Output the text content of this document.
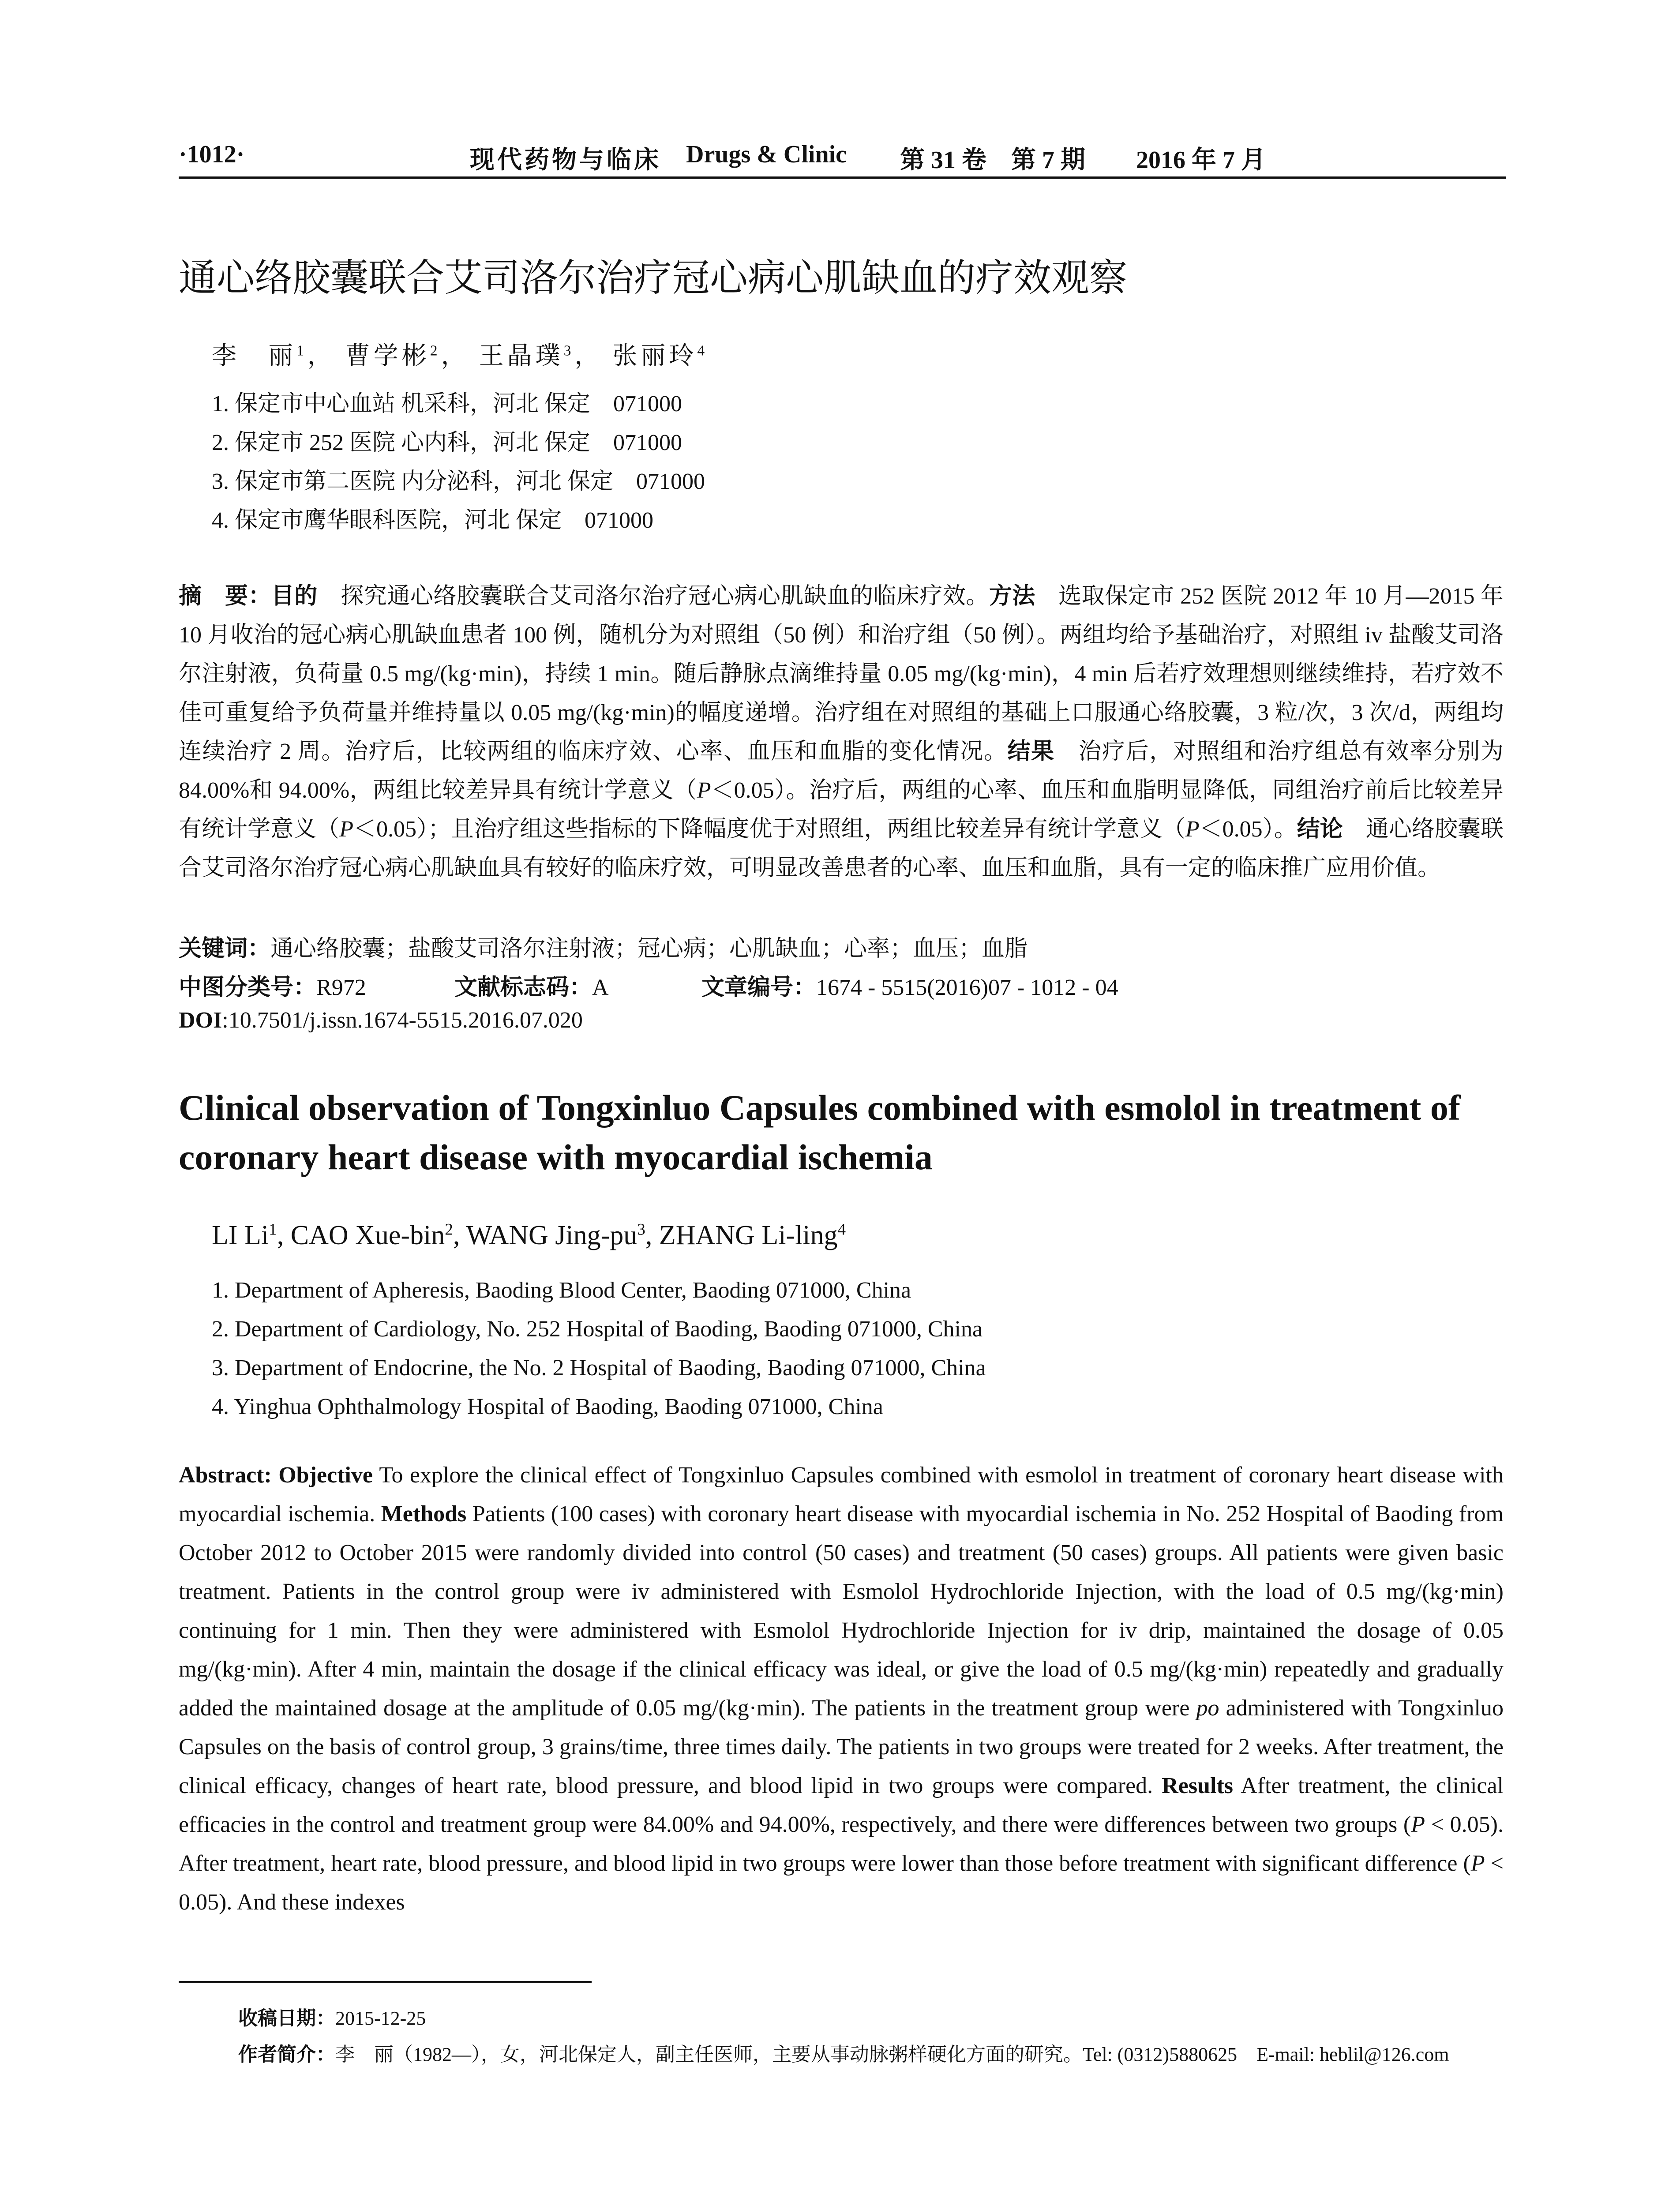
·1012·	现代药物与临床 Drugs & Clinic 第 31 卷　第 7 期 2016 年 7 月
通心络胶囊联合艾司洛尔治疗冠心病心肌缺血的疗效观察
李　丽$^1$， 曹学彬$^2$， 王晶璞$^3$， 张丽玲$^4$
1. 保定市中心血站 机采科，河北 保定　071000
2. 保定市 252 医院 心内科，河北 保定　071000
3. 保定市第二医院 内分泌科，河北 保定　071000
4. 保定市鹰华眼科医院，河北 保定　071000
摘　要：目的　探究通心络胶囊联合艾司洛尔治疗冠心病心肌缺血的临床疗效。方法　选取保定市 252 医院 2012 年 10 月—2015 年 10 月收治的冠心病心肌缺血患者 100 例，随机分为对照组（50 例）和治疗组（50 例）。两组均给予基础治疗，对照组 iv 盐酸艾司洛尔注射液，负荷量 0.5 mg/(kg·min)，持续 1 min。随后静脉点滴维持量 0.05 mg/(kg·min)，4 min 后若疗效理想则继续维持，若疗效不佳可重复给予负荷量并维持量以 0.05 mg/(kg·min)的幅度递增。治疗组在对照组的基础上口服通心络胶囊，3 粒/次，3 次/d，两组均连续治疗 2 周。治疗后，比较两组的临床疗效、心率、血压和血脂的变化情况。结果　治疗后，对照组和治疗组总有效率分别为 84.00%和 94.00%，两组比较差异具有统计学意义（P＜0.05）。治疗后，两组的心率、血压和血脂明显降低，同组治疗前后比较差异有统计学意义（P＜0.05）；且治疗组这些指标的下降幅度优于对照组，两组比较差异有统计学意义（P＜0.05）。结论　通心络胶囊联合艾司洛尔治疗冠心病心肌缺血具有较好的临床疗效，可明显改善患者的心率、血压和血脂，具有一定的临床推广应用价值。
关键词：通心络胶囊；盐酸艾司洛尔注射液；冠心病；心肌缺血；心率；血压；血脂
中图分类号：R972	文献标志码：A	文章编号：1674 - 5515(2016)07 - 1012 - 04
DOI:10.7501/j.issn.1674-5515.2016.07.020
Clinical observation of Tongxinluo Capsules combined with esmolol in treatment of coronary heart disease with myocardial ischemia
LI Li$^1$, CAO Xue-bin$^2$, WANG Jing-$pu^3$, ZHANG Li-ling$^4$
1. Department of Apheresis, Baoding Blood Center, Baoding 071000, China
2. Department of Cardiology, No. 252 Hospital of Baoding, Baoding 071000, China
3. Department of Endocrine, the No. 2 Hospital of Baoding, Baoding 071000, China
4. Yinghua Ophthalmology Hospital of Baoding, Baoding 071000, China
Abstract: Objective To explore the clinical effect of Tongxinluo Capsules combined with esmolol in treatment of coronary heart disease with myocardial ischemia. Methods Patients (100 cases) with coronary heart disease with myocardial ischemia in No. 252 Hospital of Baoding from October 2012 to October 2015 were randomly divided into control (50 cases) and treatment (50 cases) groups. All patients were given basic treatment. Patients in the control group were iv administered with Esmolol Hydrochloride Injection, with the load of 0.5 mg/(kg·min) continuing for 1 min. Then they were administered with Esmolol Hydrochloride Injection for iv drip, maintained the dosage of 0.05 mg/(kg·min). After 4 min, maintain the dosage if the clinical efficacy was ideal, or give the load of 0.5 mg/(kg·min) repeatedly and gradually added the maintained dosage at the amplitude of 0.05 mg/(kg·min). The patients in the treatment group were po administered with Tongxinluo Capsules on the basis of control group, 3 grains/time, three times daily. The patients in two groups were treated for 2 weeks. After treatment, the clinical efficacy, changes of heart rate, blood pressure, and blood lipid in two groups were compared. Results After treatment, the clinical efficacies in the control and treatment group were 84.00% and 94.00%, respectively, and there were differences between two groups (P < 0.05). After treatment, heart rate, blood pressure, and blood lipid in two groups were lower than those before treatment with significant difference (P < 0.05). And these indexes
收稿日期：2015-12-25
作者简介：李　丽（1982—），女，河北保定人，副主任医师，主要从事动脉粥样硬化方面的研究。Tel: (0312)5880625　E-mail: heblil@126.com
